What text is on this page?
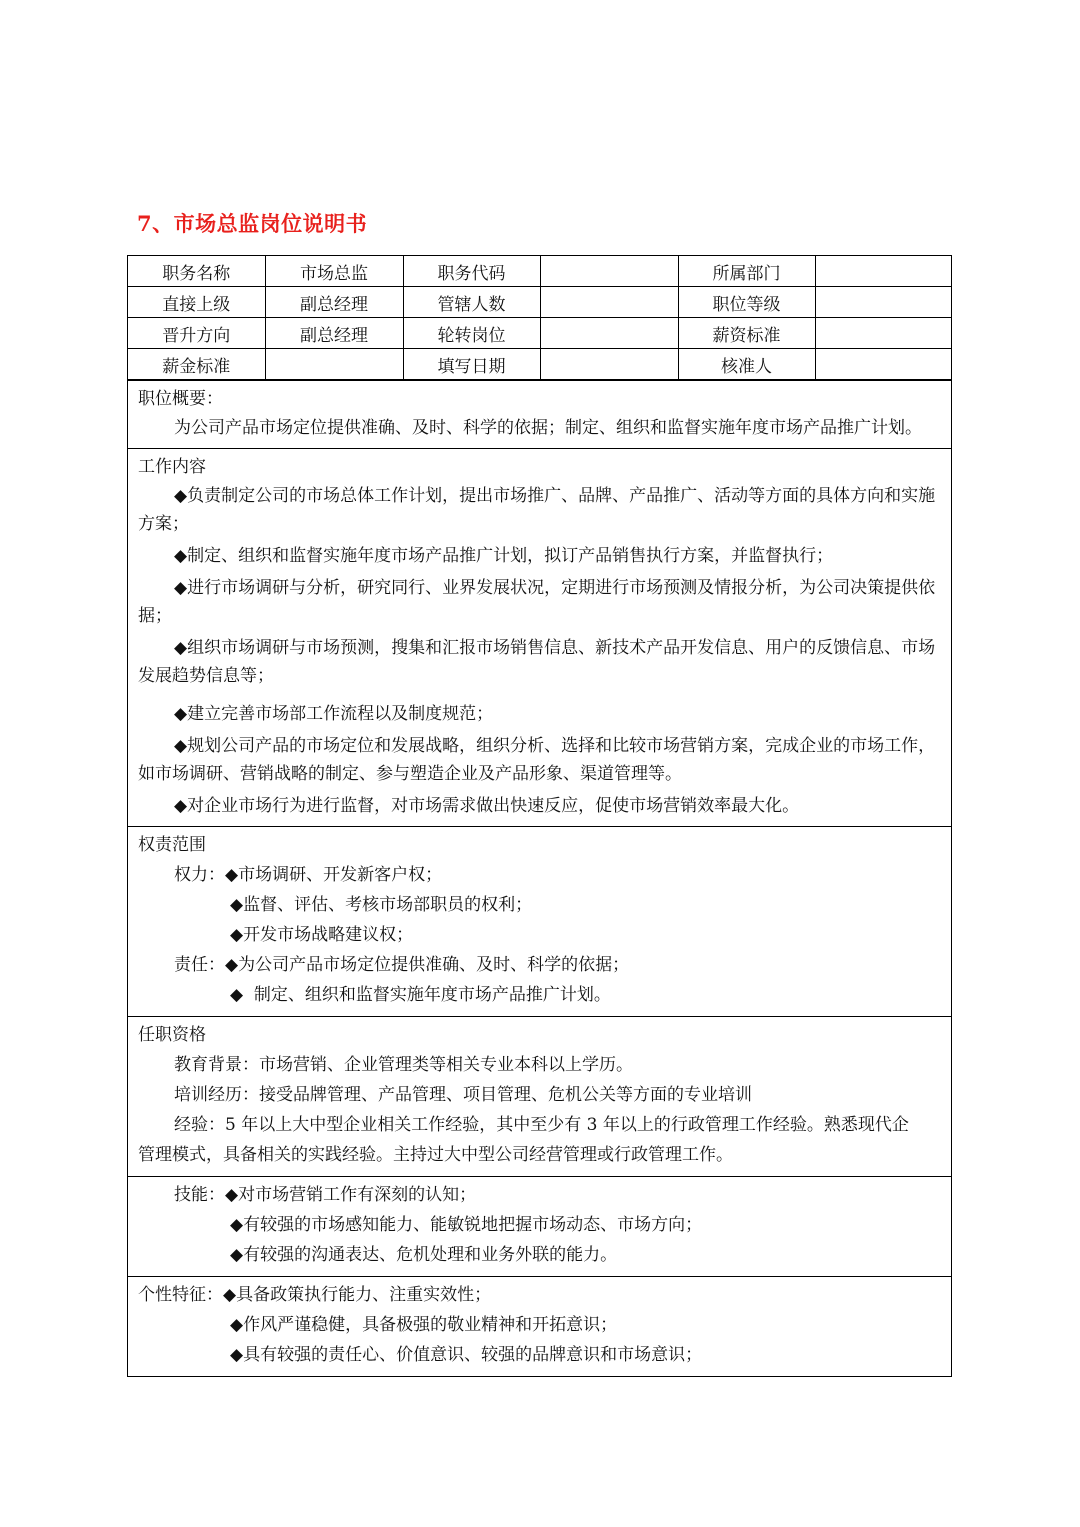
7、市场总监岗位说明书
职务名称	市场总监	职务代码		所属部门	
直接上级	副总经理	管辖人数		职位等级	
晋升方向	副总经理	轮转岗位		薪资标准	
薪金标准		填写日期		核准人	
职位概要：
为公司产品市场定位提供准确、及时、科学的依据；制定、组织和监督实施年度市场产品推广计划。
工作内容
◆负责制定公司的市场总体工作计划，提出市场推广、品牌、产品推广、活动等方面的具体方向和实施方案；
◆制定、组织和监督实施年度市场产品推广计划，拟订产品销售执行方案，并监督执行；
◆进行市场调研与分析，研究同行、业界发展状况，定期进行市场预测及情报分析，为公司决策提供依据；
◆组织市场调研与市场预测，搜集和汇报市场销售信息、新技术产品开发信息、用户的反馈信息、市场发展趋势信息等；
◆建立完善市场部工作流程以及制度规范；
◆规划公司产品的市场定位和发展战略，组织分析、选择和比较市场营销方案，完成企业的市场工作，如市场调研、营销战略的制定、参与塑造企业及产品形象、渠道管理等。
◆对企业市场行为进行监督，对市场需求做出快速反应，促使市场营销效率最大化。
权责范围
权力：◆市场调研、开发新客户权；
◆监督、评估、考核市场部职员的权利；
◆开发市场战略建议权；
责任：◆为公司产品市场定位提供准确、及时、科学的依据；
◆  制定、组织和监督实施年度市场产品推广计划。
任职资格
教育背景：市场营销、企业管理类等相关专业本科以上学历。
培训经历：接受品牌管理、产品管理、项目管理、危机公关等方面的专业培训
经验：5 年以上大中型企业相关工作经验，其中至少有 3 年以上的行政管理工作经验。熟悉现代企
管理模式，具备相关的实践经验。主持过大中型公司经营管理或行政管理工作。
技能：◆对市场营销工作有深刻的认知；
◆有较强的市场感知能力、能敏锐地把握市场动态、市场方向；
◆有较强的沟通表达、危机处理和业务外联的能力。
个性特征：◆具备政策执行能力、注重实效性；
◆作风严谨稳健，具备极强的敬业精神和开拓意识；
◆具有较强的责任心、价值意识、较强的品牌意识和市场意识；
